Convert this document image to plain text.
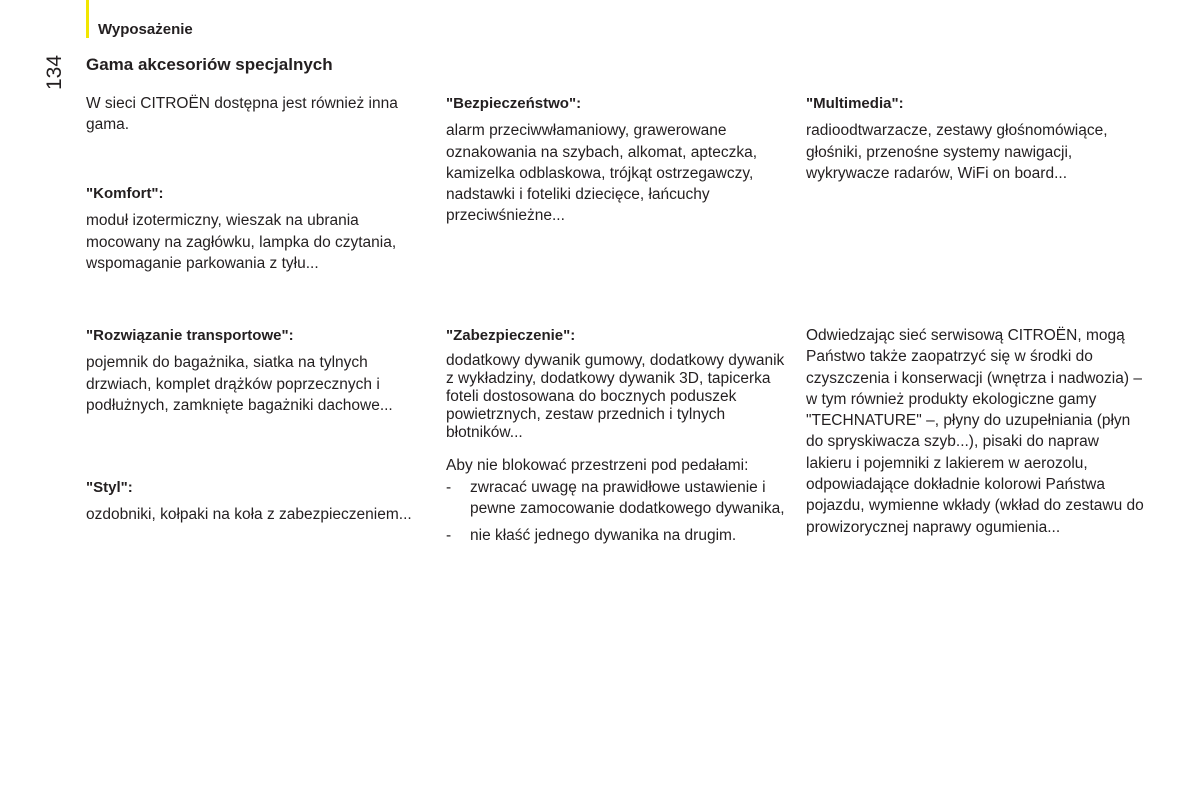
Wyposażenie
134	Gama akcesoriów specjalnych

W sieci CITROËN dostępna jest również inna gama.

"Komfort":

moduł izotermiczny, wieszak na ubrania mocowany na zagłówku, lampka do czytania, wspomaganie parkowania z tyłu...

"Rozwiązanie transportowe":

pojemnik do bagażnika, siatka na tylnych drzwiach, komplet drążków poprzecznych i podłużnych, zamknięte bagażniki dachowe...

"Styl":

ozdobniki, kołpaki na koła z zabezpieczeniem...

"Bezpieczeństwo":

alarm przeciwwłamaniowy, grawerowane oznakowania na szybach, alkomat, apteczka, kamizelka odblaskowa, trójkąt ostrzegawczy, nadstawki i foteliki dziecięce, łańcuchy przeciwśnieżne...

"Zabezpieczenie":

dodatkowy dywanik gumowy, dodatkowy dywanik z wykładziny, dodatkowy dywanik 3D, tapicerka foteli dostosowana do bocznych poduszek powietrznych, zestaw przednich i tylnych błotników...

Aby nie blokować przestrzeni pod pedałami:

- zwracać uwagę na prawidłowe ustawienie i pewne zamocowanie dodatkowego dywanika,
- nie kłaść jednego dywanika na drugim.

"Multimedia":

radioodtwarzacze, zestawy głośnomówiące, głośniki, przenośne systemy nawigacji, wykrywacze radarów, WiFi on board...

Odwiedzając sieć serwisową CITROËN, mogą Państwo także zaopatrzyć się w środki do czyszczenia i konserwacji (wnętrza i nadwozia) – w tym również produkty ekologiczne gamy "TECHNATURE" –, płyny do uzupełniania (płyn do spryskiwacza szyb...), pisaki do napraw lakieru i pojemniki z lakierem w aerozolu, odpowiadające dokładnie kolorowi Państwa pojazdu, wymienne wkłady (wkład do zestawu do prowizorycznej naprawy ogumienia...
